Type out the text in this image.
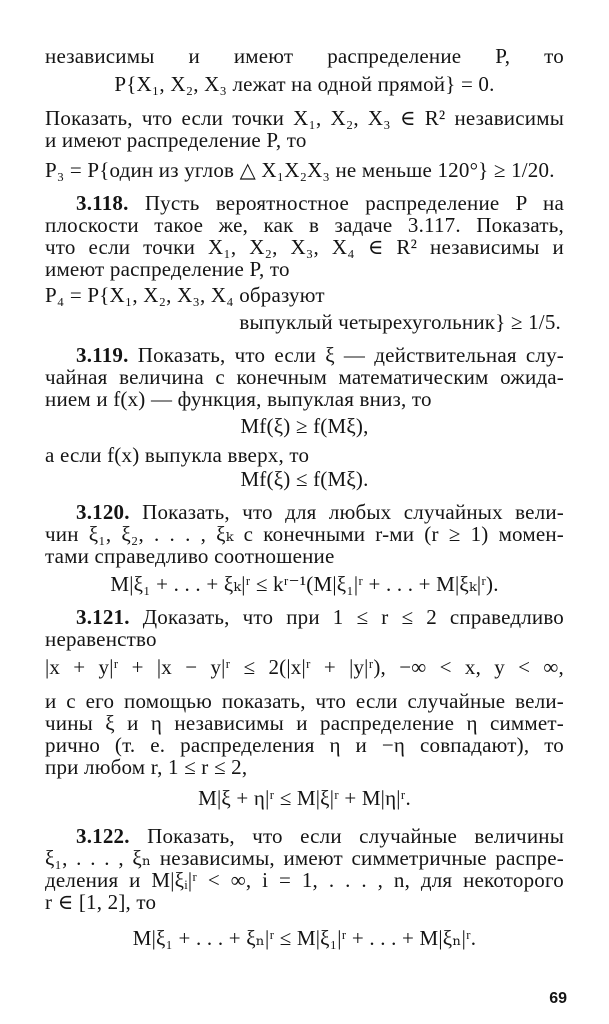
независимы и имеют распределение P, то
P{X₁, X₂, X₃ лежат на одной прямой} = 0.
Показать, что если точки X₁, X₂, X₃ ∈ R² независимы
и имеют распределение P, то
P₃ = P{один из углов △ X₁X₂X₃ не меньше 120°} ≥ 1/20.
3.118. Пусть вероятностное распределение P на
плоскости такое же, как в задаче 3.117. Показать,
что если точки X₁, X₂, X₃, X₄ ∈ R² независимы и
имеют распределение P, то
P₄ = P{X₁, X₂, X₃, X₄ образуют
выпуклый четырехугольник} ≥ 1/5.
3.119. Показать, что если ξ — действительная слу-
чайная величина с конечным математическим ожида-
нием и f(x) — функция, выпуклая вниз, то
Mf(ξ) ≥ f(Mξ),
а если f(x) выпукла вверх, то
Mf(ξ) ≤ f(Mξ).
3.120. Показать, что для любых случайных вели-
чин ξ₁, ξ₂, . . . , ξₖ с конечными r-ми (r ≥ 1) момен-
тами справедливо соотношение
M|ξ₁ + . . . + ξₖ|ʳ ≤ kʳ⁻¹(M|ξ₁|ʳ + . . . + M|ξₖ|ʳ).
3.121. Доказать, что при 1 ≤ r ≤ 2 справедливо
неравенство
|x + y|ʳ + |x − y|ʳ ≤ 2(|x|ʳ + |y|ʳ), −∞ < x, y < ∞,
и с его помощью показать, что если случайные вели-
чины ξ и η независимы и распределение η симмет-
рично (т. е. распределения η и −η совпадают), то
при любом r, 1 ≤ r ≤ 2,
M|ξ + η|ʳ ≤ M|ξ|ʳ + M|η|ʳ.
3.122. Показать, что если случайные величины
ξ₁, . . . , ξₙ независимы, имеют симметричные распре-
деления и M|ξᵢ|ʳ < ∞, i = 1, . . . , n, для некоторого
r ∈ [1, 2], то
M|ξ₁ + . . . + ξₙ|ʳ ≤ M|ξ₁|ʳ + . . . + M|ξₙ|ʳ.
69
